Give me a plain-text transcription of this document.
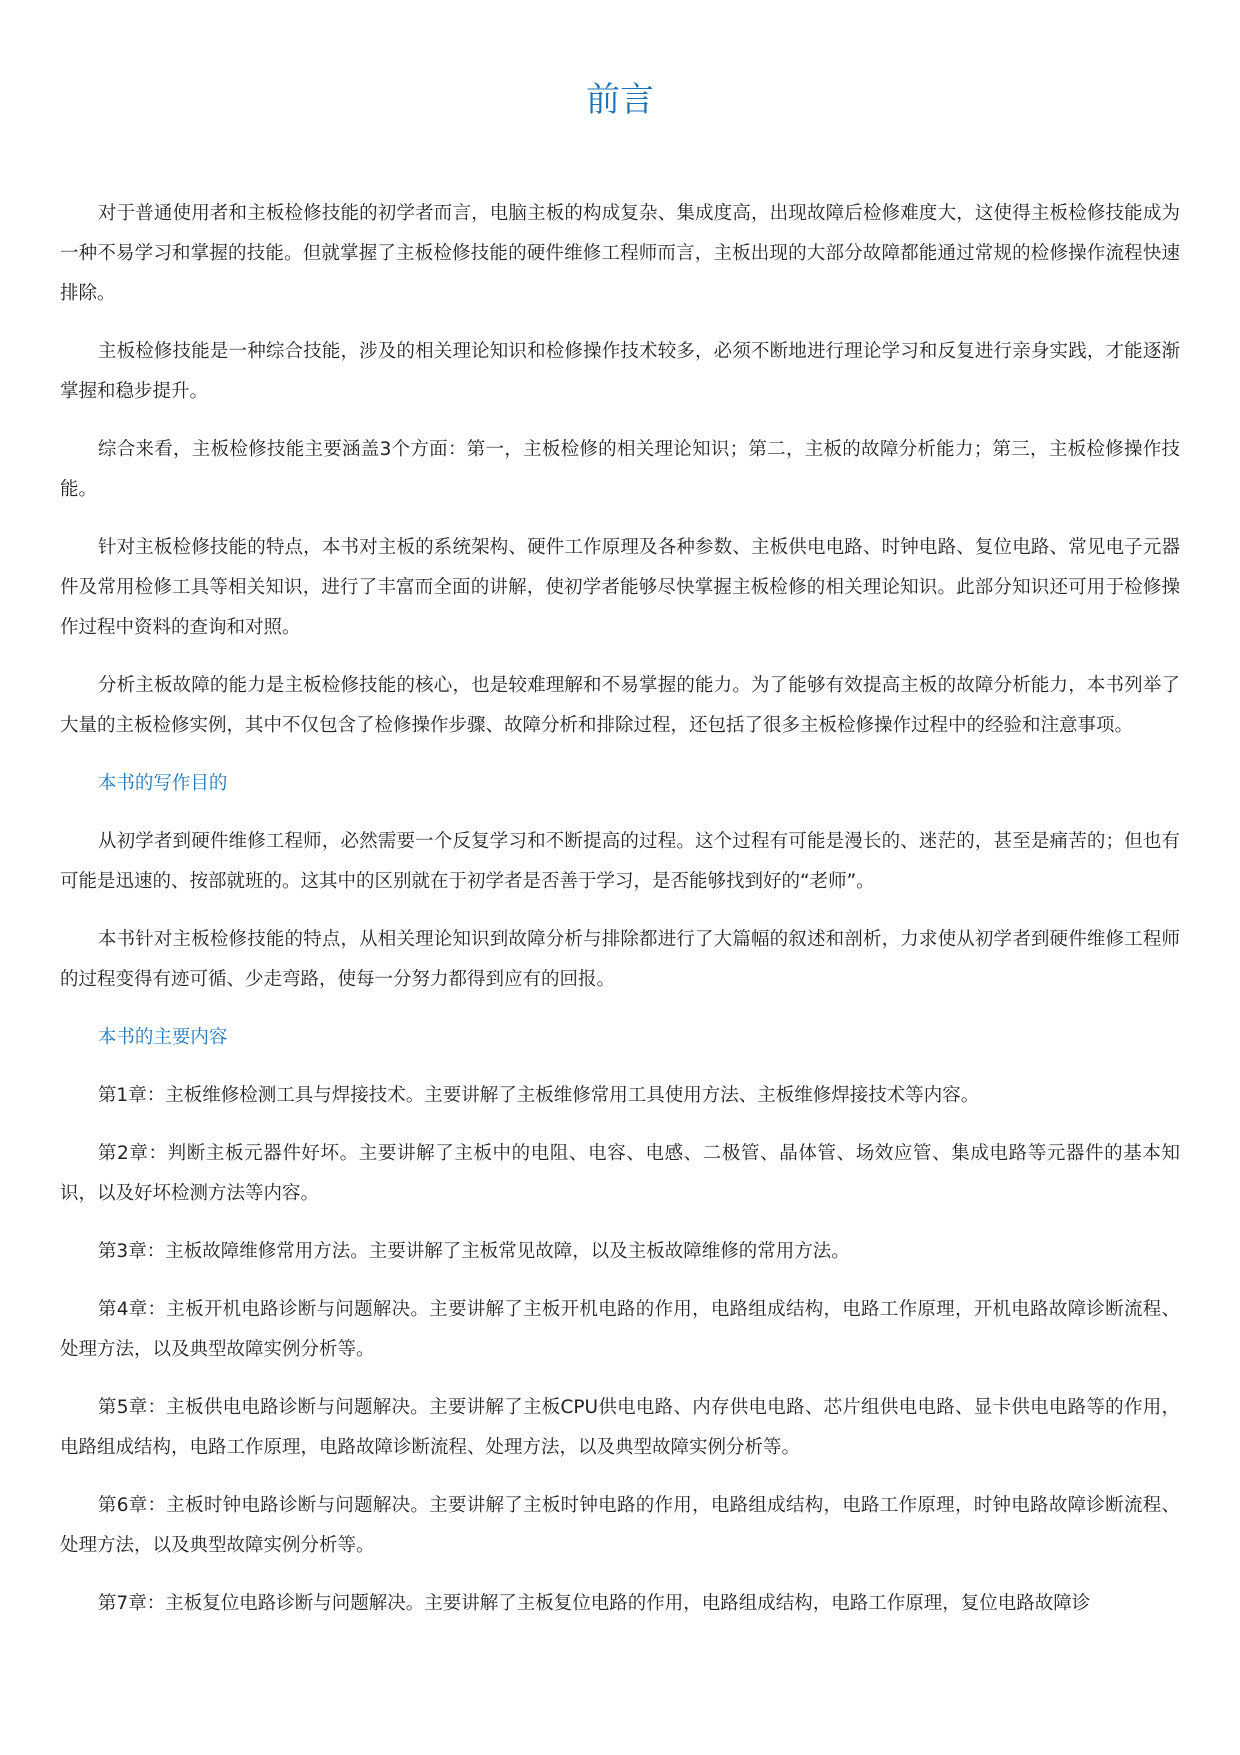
前言

对于普通使用者和主板检修技能的初学者而言，电脑主板的构成复杂、集成度高，出现故障后检修难度大，这使得主板检修技能成为一种不易学习和掌握的技能。但就掌握了主板检修技能的硬件维修工程师而言，主板出现的大部分故障都能通过常规的检修操作流程快速排除。

主板检修技能是一种综合技能，涉及的相关理论知识和检修操作技术较多，必须不断地进行理论学习和反复进行亲身实践，才能逐渐掌握和稳步提升。

综合来看，主板检修技能主要涵盖3个方面：第一，主板检修的相关理论知识；第二，主板的故障分析能力；第三，主板检修操作技能。

针对主板检修技能的特点，本书对主板的系统架构、硬件工作原理及各种参数、主板供电电路、时钟电路、复位电路、常见电子元器件及常用检修工具等相关知识，进行了丰富而全面的讲解，使初学者能够尽快掌握主板检修的相关理论知识。此部分知识还可用于检修操作过程中资料的查询和对照。

分析主板故障的能力是主板检修技能的核心，也是较难理解和不易掌握的能力。为了能够有效提高主板的故障分析能力，本书列举了大量的主板检修实例，其中不仅包含了检修操作步骤、故障分析和排除过程，还包括了很多主板检修操作过程中的经验和注意事项。

本书的写作目的

从初学者到硬件维修工程师，必然需要一个反复学习和不断提高的过程。这个过程有可能是漫长的、迷茫的，甚至是痛苦的；但也有可能是迅速的、按部就班的。这其中的区别就在于初学者是否善于学习，是否能够找到好的“老师”。

本书针对主板检修技能的特点，从相关理论知识到故障分析与排除都进行了大篇幅的叙述和剖析，力求使从初学者到硬件维修工程师的过程变得有迹可循、少走弯路，使每一分努力都得到应有的回报。

本书的主要内容

第1章：主板维修检测工具与焊接技术。主要讲解了主板维修常用工具使用方法、主板维修焊接技术等内容。

第2章：判断主板元器件好坏。主要讲解了主板中的电阻、电容、电感、二极管、晶体管、场效应管、集成电路等元器件的基本知识，以及好坏检测方法等内容。

第3章：主板故障维修常用方法。主要讲解了主板常见故障，以及主板故障维修的常用方法。

第4章：主板开机电路诊断与问题解决。主要讲解了主板开机电路的作用，电路组成结构，电路工作原理，开机电路故障诊断流程、处理方法，以及典型故障实例分析等。

第5章：主板供电电路诊断与问题解决。主要讲解了主板CPU供电电路、内存供电电路、芯片组供电电路、显卡供电电路等的作用，电路组成结构，电路工作原理，电路故障诊断流程、处理方法，以及典型故障实例分析等。

第6章：主板时钟电路诊断与问题解决。主要讲解了主板时钟电路的作用，电路组成结构，电路工作原理，时钟电路故障诊断流程、处理方法，以及典型故障实例分析等。

第7章：主板复位电路诊断与问题解决。主要讲解了主板复位电路的作用，电路组成结构，电路工作原理，复位电路故障诊
